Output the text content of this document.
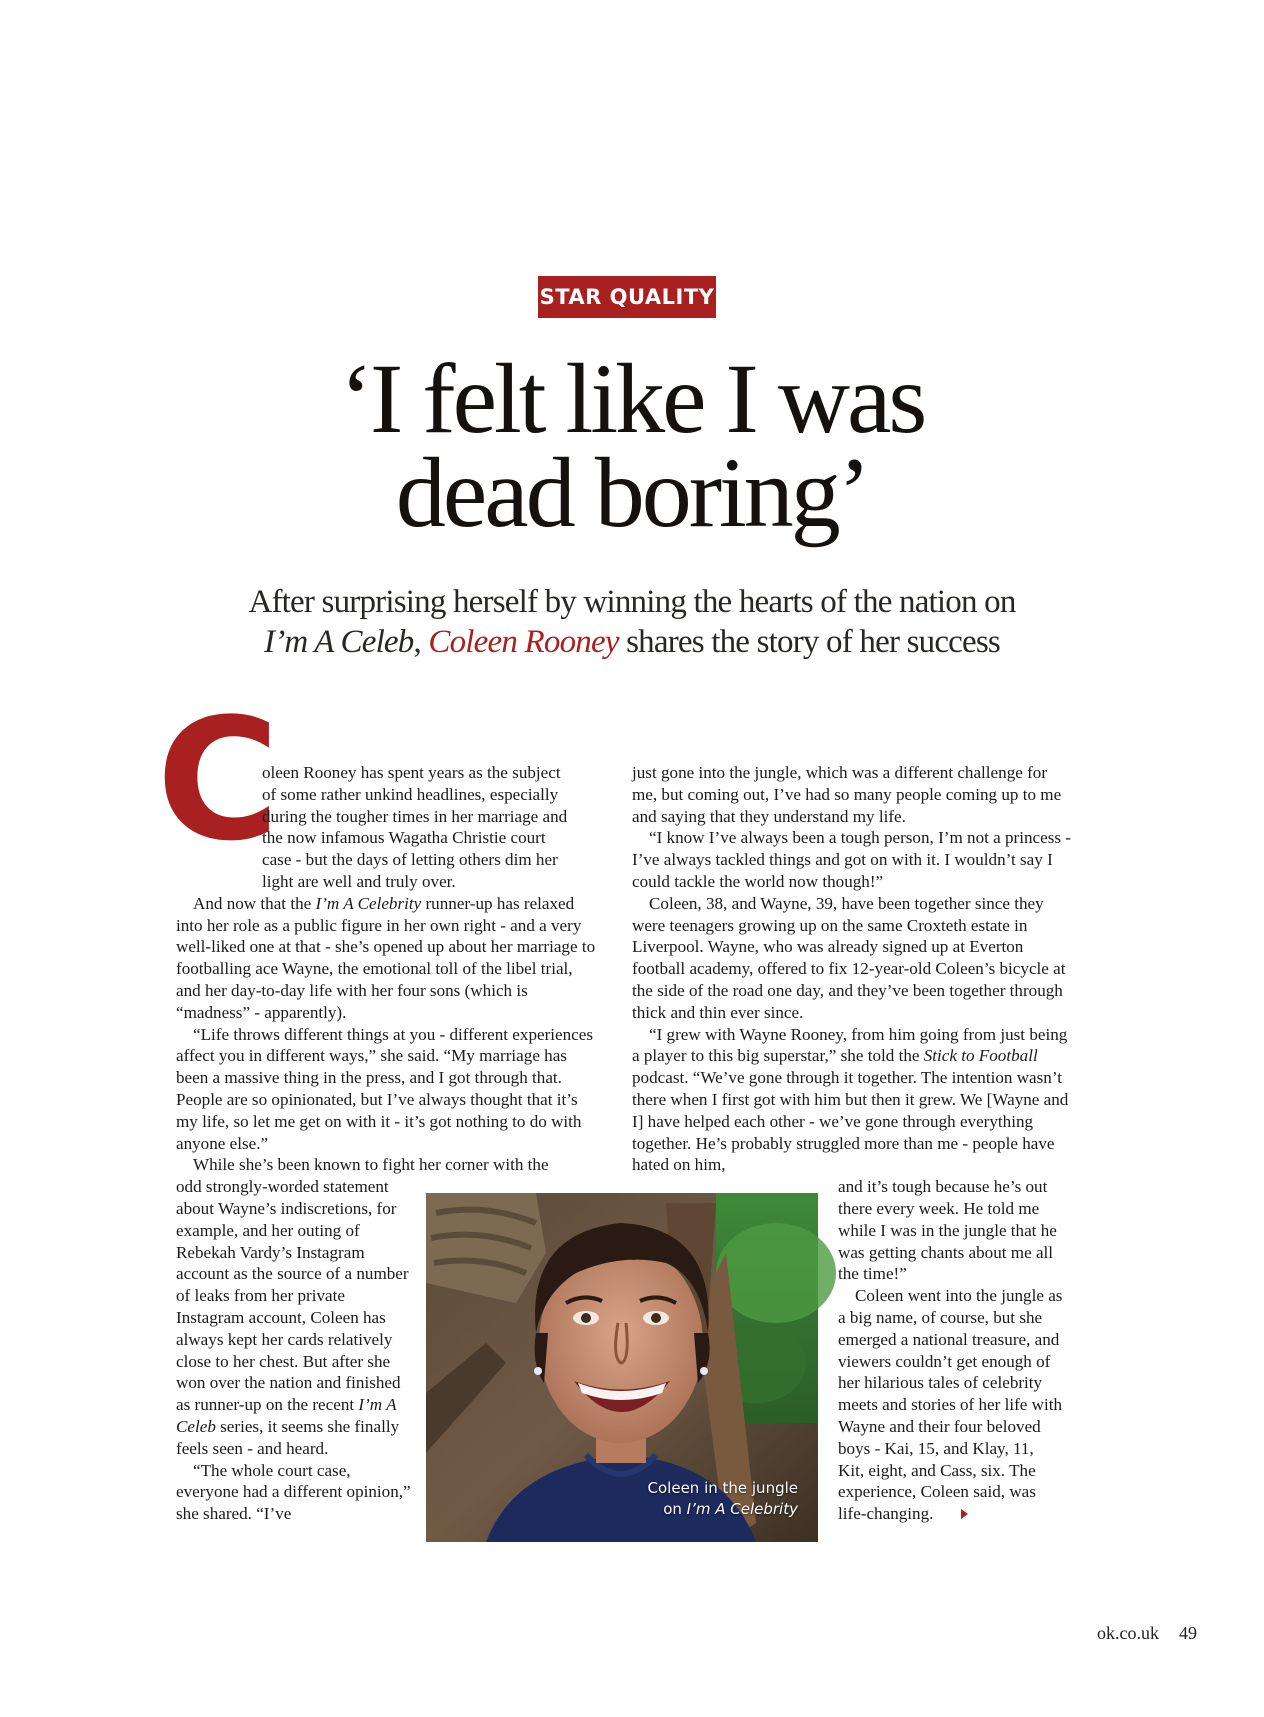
STAR QUALITY
‘I felt like I was
dead boring’
After surprising herself by winning the hearts of the nation on
I’m A Celeb, Coleen Rooney shares the story of her success
C

oleen Rooney has spent years as the subject of some rather unkind headlines, especially during the tougher times in her marriage and the now infamous Wagatha Christie court case - but the days of letting others dim her light are well and truly over.

And now that the I’m A Celebrity runner-up has relaxed into her role as a public figure in her own right - and a very well-liked one at that - she’s opened up about her marriage to footballing ace Wayne, the emotional toll of the libel trial, and her day-to-day life with her four sons (which is “madness” - apparently).

“Life throws different things at you - different experiences affect you in different ways,” she said. “My marriage has been a massive thing in the press, and I got through that. People are so opinionated, but I’ve always thought that it’s my life, so let me get on with it - it’s got nothing to do with anyone else.”

While she’s been known to fight her corner with the

odd strongly-worded statement about Wayne’s indiscretions, for example, and her outing of Rebekah Vardy’s Instagram account as the source of a number of leaks from her private Instagram account, Coleen has always kept her cards relatively close to her chest. But after she won over the nation and finished as runner-up on the recent I’m A Celeb series, it seems she finally feels seen - and heard.

“The whole court case, everyone had a different opinion,” she shared. “I’ve

just gone into the jungle, which was a different challenge for me, but coming out, I’ve had so many people coming up to me and saying that they understand my life.

“I know I’ve always been a tough person, I’m not a princess - I’ve always tackled things and got on with it. I wouldn’t say I could tackle the world now though!”

Coleen, 38, and Wayne, 39, have been together since they were teenagers growing up on the same Croxteth estate in Liverpool. Wayne, who was already signed up at Everton football academy, offered to fix 12-year-old Coleen’s bicycle at the side of the road one day, and they’ve been together through thick and thin ever since.

“I grew with Wayne Rooney, from him going from just being a player to this big superstar,” she told the Stick to Football podcast. “We’ve gone through it together. The intention wasn’t there when I first got with him but then it grew. We [Wayne and I] have helped each other - we’ve gone through everything together. He’s probably struggled more than me - people have hated on him,

and it’s tough because he’s out there every week. He told me while I was in the jungle that he was getting chants about me all the time!”

Coleen went into the jungle as a big name, of course, but she emerged a national treasure, and viewers couldn’t get enough of her hilarious tales of celebrity meets and stories of her life with Wayne and their four beloved boys - Kai, 15, and Klay, 11, Kit, eight, and Cass, six. The experience, Coleen said, was life-changing.

Coleen in the jungle
on I’m A Celebrity
ok.co.uk 49
